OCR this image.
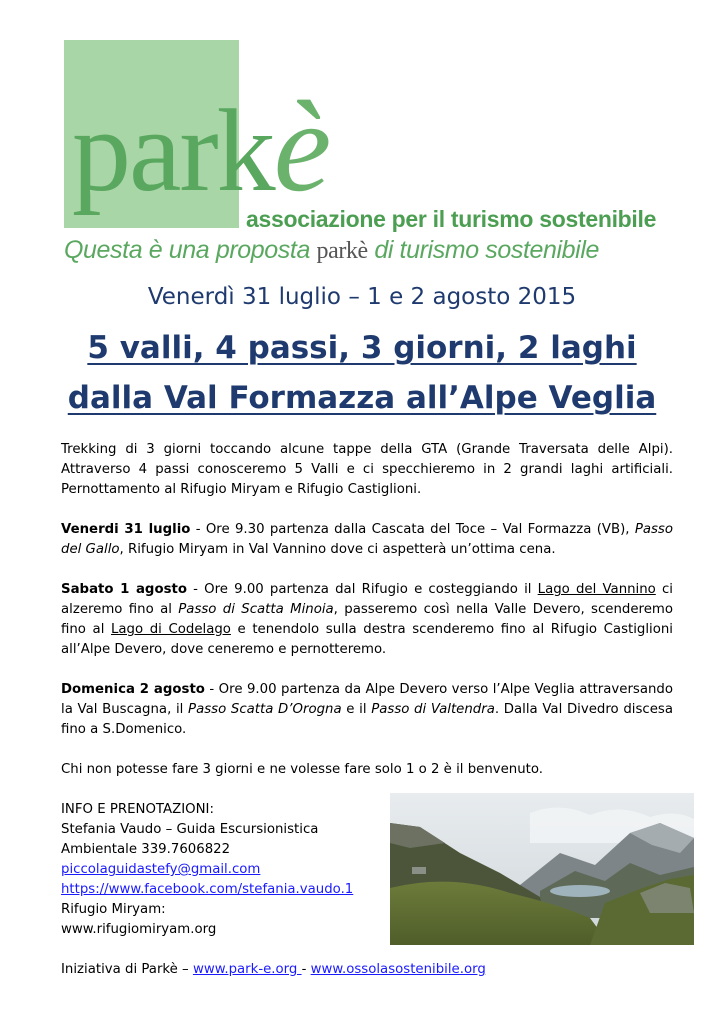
parkè
associazione per il turismo sostenibile
Questa è una proposta parkè di turismo sostenibile
Venerdì 31 luglio – 1 e 2 agosto 2015
5 valli, 4 passi, 3 giorni, 2 laghi
dalla Val Formazza all’Alpe Veglia
Trekking di 3 giorni toccando alcune tappe della GTA (Grande Traversata delle Alpi). Attraverso 4 passi conosceremo 5 Valli e ci specchieremo in 2 grandi laghi artificiali. Pernottamento al Rifugio Miryam e Rifugio Castiglioni.
Venerdi 31 luglio - Ore 9.30 partenza dalla Cascata del Toce – Val Formazza (VB), Passo del Gallo, Rifugio Miryam in Val Vannino dove ci aspetterà un’ottima cena.
Sabato 1 agosto - Ore 9.00 partenza dal Rifugio e costeggiando il Lago del Vannino ci alzeremo fino al Passo di Scatta Minoia, passeremo così nella Valle Devero, scenderemo fino al Lago di Codelago e tenendolo sulla destra scenderemo fino al Rifugio Castiglioni all’Alpe Devero, dove ceneremo e pernotteremo.
Domenica 2 agosto - Ore 9.00 partenza da Alpe Devero verso l’Alpe Veglia attraversando la Val Buscagna, il Passo Scatta D’Orogna e il Passo di Valtendra. Dalla Val Divedro discesa fino a S.Domenico.
Chi non potesse fare 3 giorni e ne volesse fare solo 1 o 2 è il benvenuto.
INFO E PRENOTAZIONI:
Stefania Vaudo – Guida Escursionistica
Ambientale 339.7606822
piccolaguidastefy@gmail.com
https://www.facebook.com/stefania.vaudo.1
Rifugio Miryam:
www.rifugiomiryam.org
Iniziativa di Parkè – www.park-e.org - www.ossolasostenibile.org
